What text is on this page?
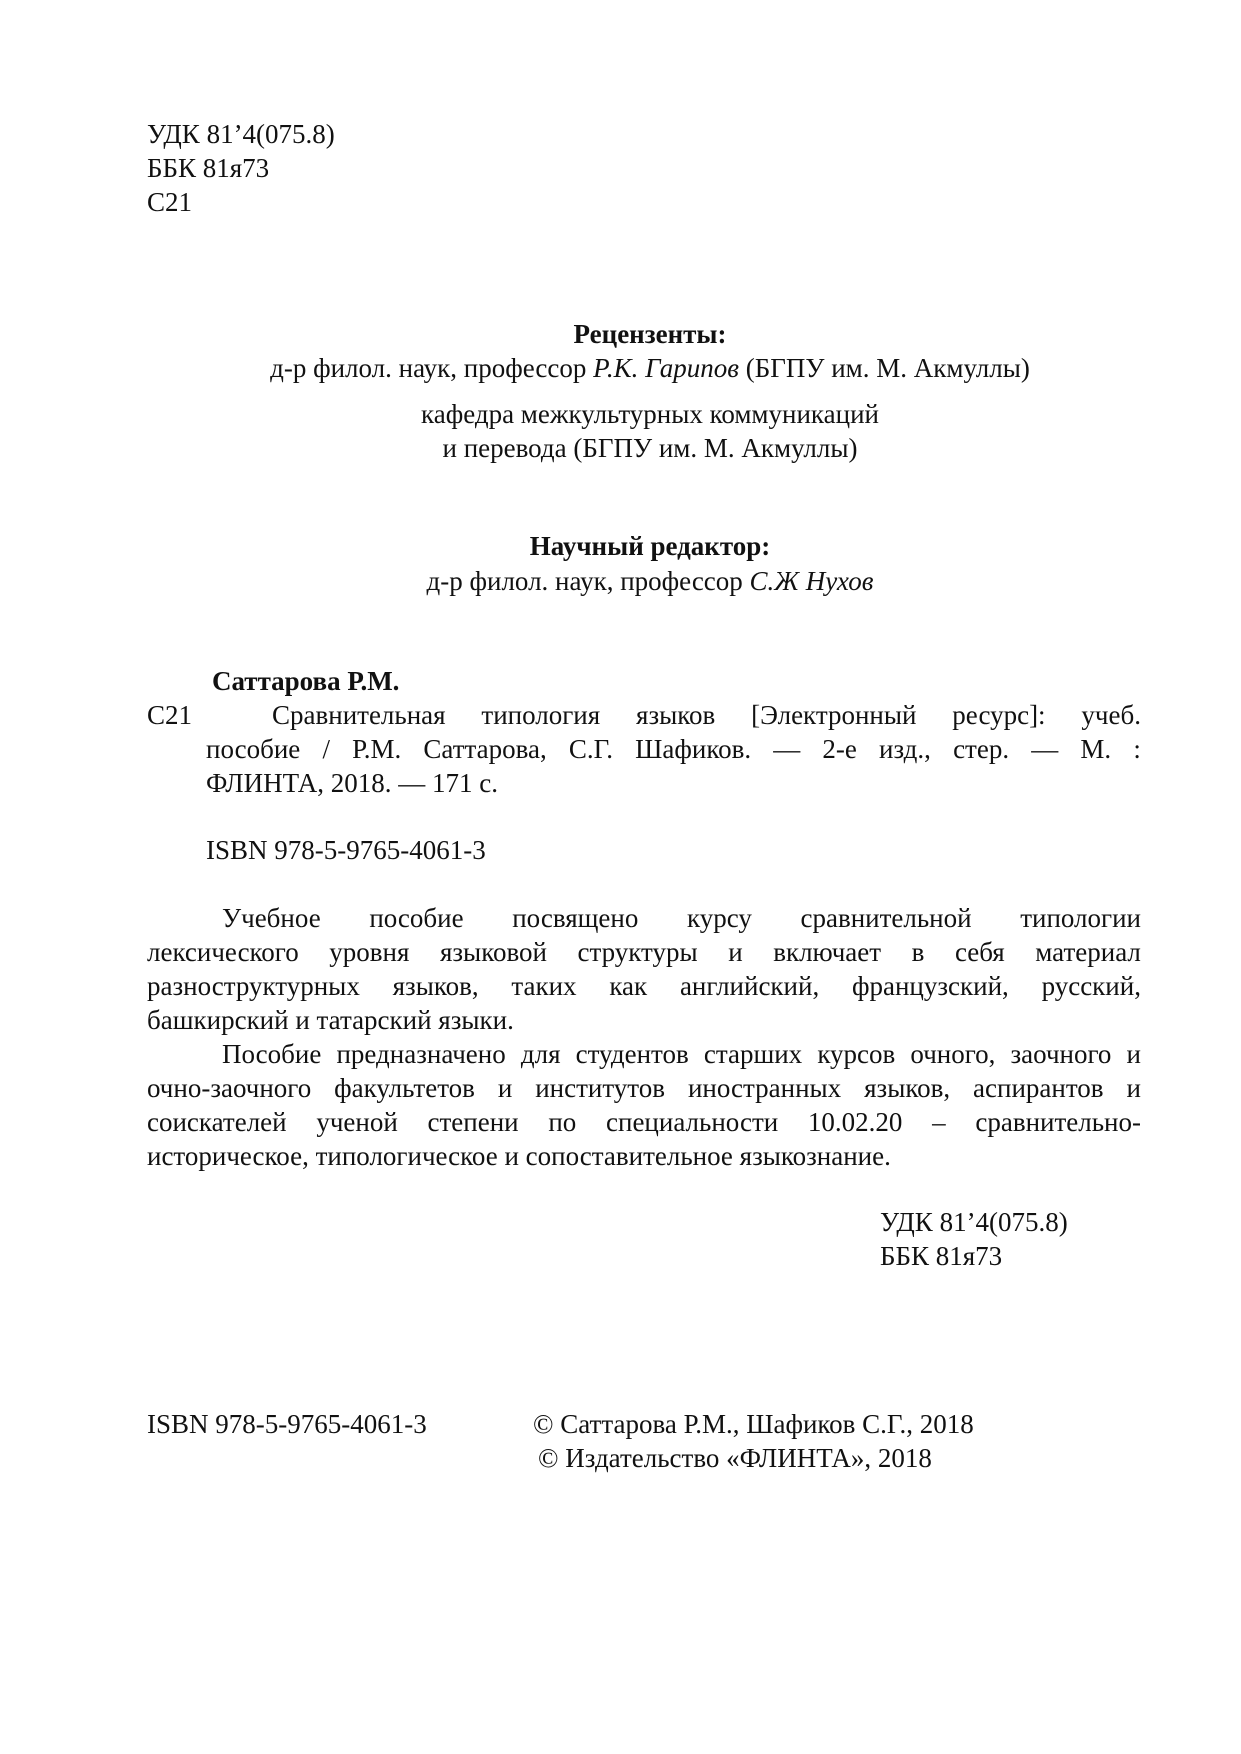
УДК 81’4(075.8)
ББК 81я73
С21
Рецензенты:
д-р филол. наук, профессор Р.К. Гарипов (БГПУ им. М. Акмуллы)
кафедра межкультурных коммуникаций
и перевода (БГПУ им. М. Акмуллы)
Научный редактор:
д-р филол. наук, профессор С.Ж Нухов
Саттарова Р.М.
С21	Сравнительная типология языков [Электронный ресурс]: учеб.
пособие / Р.М. Саттарова, С.Г. Шафиков. — 2-е изд., стер. — М. :
ФЛИНТА, 2018. — 171 с.
ISBN 978-5-9765-4061-3
Учебное пособие посвящено курсу сравнительной типологии
лексического уровня языковой структуры и включает в себя материал
разноструктурных языков, таких как английский, французский, русский,
башкирский и татарский языки.
Пособие предназначено для студентов старших курсов очного, заочного и
очно-заочного факультетов и институтов иностранных языков, аспирантов и
соискателей ученой степени по специальности 10.02.20 – сравнительно-
историческое, типологическое и сопоставительное языкознание.
УДК 81’4(075.8)
ББК 81я73
ISBN 978-5-9765-4061-3	© Саттарова Р.М., Шафиков С.Г., 2018
© Издательство «ФЛИНТА», 2018
